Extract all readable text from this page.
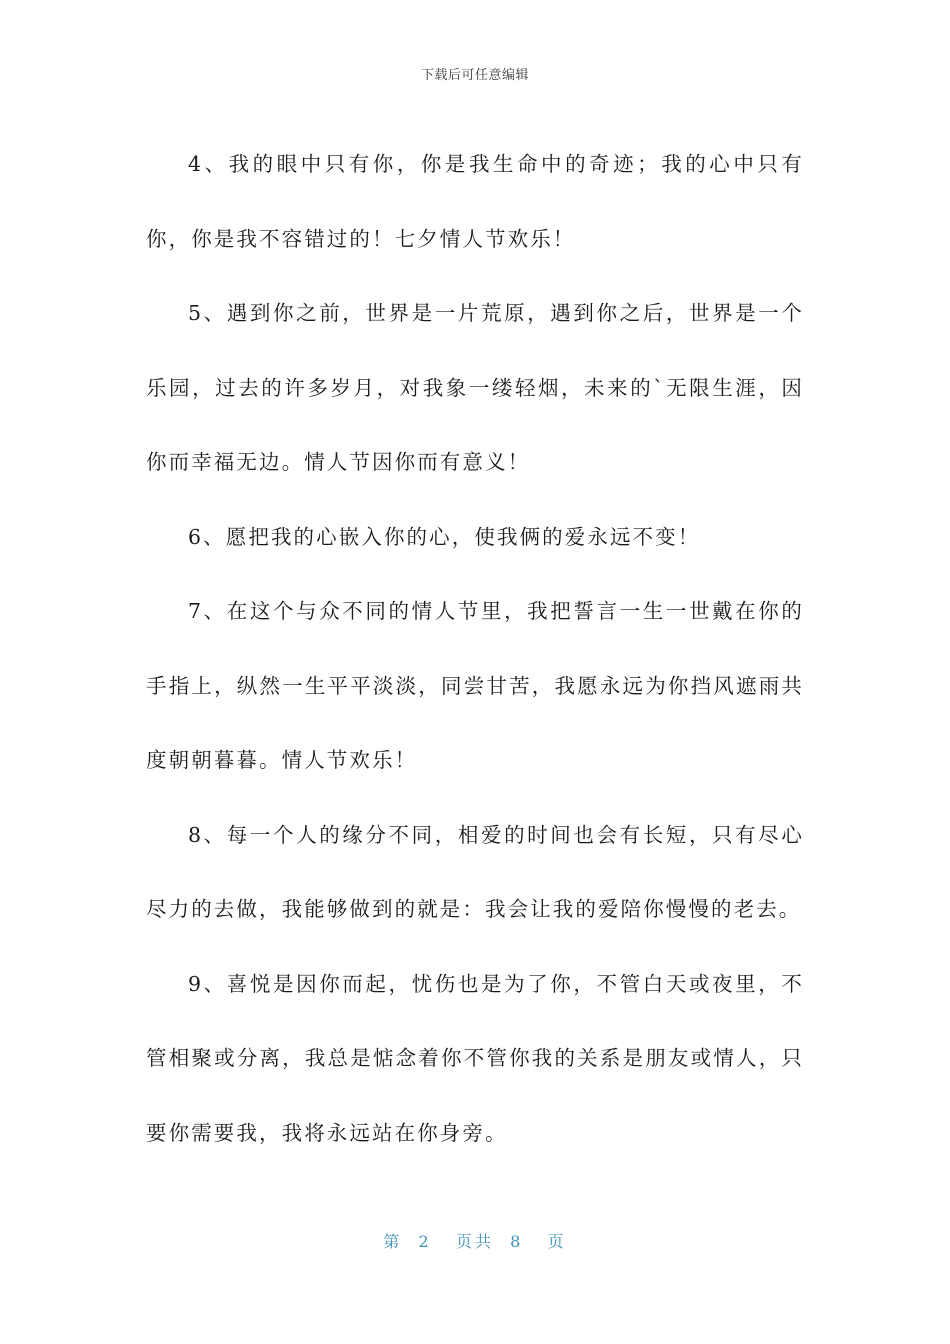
下载后可任意编辑

4、我的眼中只有你，你是我生命中的奇迹；我的心中只有你，你是我不容错过的！七夕情人节欢乐！

5、遇到你之前，世界是一片荒原，遇到你之后，世界是一个乐园，过去的许多岁月，对我象一缕轻烟，未来的`无限生涯，因你而幸福无边。情人节因你而有意义！

6、愿把我的心嵌入你的心，使我俩的爱永远不变！

7、在这个与众不同的情人节里，我把誓言一生一世戴在你的手指上，纵然一生平平淡淡，同尝甘苦，我愿永远为你挡风遮雨共度朝朝暮暮。情人节欢乐！

8、每一个人的缘分不同，相爱的时间也会有长短，只有尽心尽力的去做，我能够做到的就是：我会让我的爱陪你慢慢的老去。

9、喜悦是因你而起，忧伤也是为了你，不管白天或夜里，不管相聚或分离，我总是惦念着你不管你我的关系是朋友或情人，只要你需要我，我将永远站在你身旁。

第 2 页共 8 页
